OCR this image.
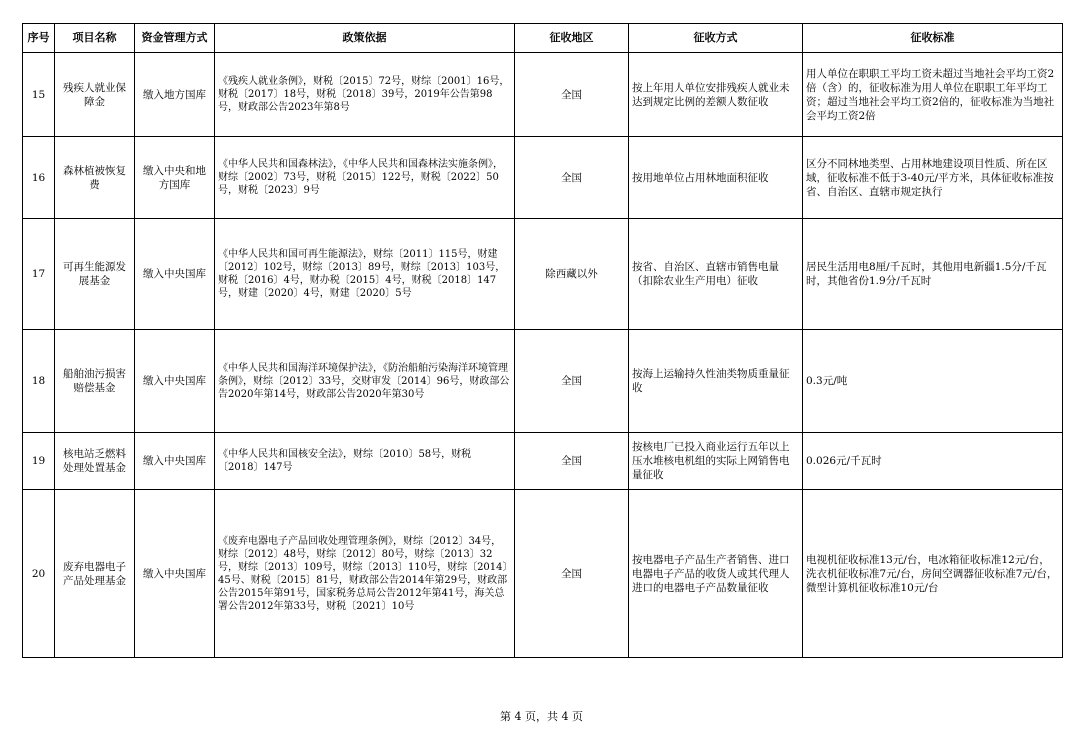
序号	项目名称	资金管理方式	政策依据	征收地区	征收方式	征收标准
15	残疾人就业保障金	缴入地方国库	《残疾人就业条例》，财税〔2015〕72号，财综〔2001〕16号，财税〔2017〕18号，财税〔2018〕39号，2019年公告第98号，财政部公告2023年第8号	全国	按上年用人单位安排残疾人就业未达到规定比例的差额人数征收	用人单位在职职工平均工资未超过当地社会平均工资2倍（含）的，征收标准为用人单位在职职工年平均工资；超过当地社会平均工资2倍的，征收标准为当地社会平均工资2倍
16	森林植被恢复费	缴入中央和地方国库	《中华人民共和国森林法》，《中华人民共和国森林法实施条例》，财综〔2002〕73号，财税〔2015〕122号，财税〔2022〕50号，财税〔2023〕9号	全国	按用地单位占用林地面积征收	区分不同林地类型、占用林地建设项目性质、所在区域，征收标准不低于3-40元/平方米，具体征收标准按省、自治区、直辖市规定执行
17	可再生能源发展基金	缴入中央国库	《中华人民共和国可再生能源法》，财综〔2011〕115号，财建〔2012〕102号，财综〔2013〕89号，财综〔2013〕103号，财税〔2016〕4号，财办税〔2015〕4号，财税〔2018〕147号，财建〔2020〕4号，财建〔2020〕5号	除西藏以外	按省、自治区、直辖市销售电量（扣除农业生产用电）征收	居民生活用电8厘/千瓦时，其他用电新疆1.5分/千瓦时，其他省份1.9分/千瓦时
18	船舶油污损害赔偿基金	缴入中央国库	《中华人民共和国海洋环境保护法》，《防治船舶污染海洋环境管理条例》，财综〔2012〕33号，交财审发〔2014〕96号，财政部公告2020年第14号，财政部公告2020年第30号	全国	按海上运输持久性油类物质重量征收	0.3元/吨
19	核电站乏燃料处理处置基金	缴入中央国库	《中华人民共和国核安全法》，财综〔2010〕58号，财税〔2018〕147号	全国	按核电厂已投入商业运行五年以上压水堆核电机组的实际上网销售电量征收	0.026元/千瓦时
20	废弃电器电子产品处理基金	缴入中央国库	《废弃电器电子产品回收处理管理条例》，财综〔2012〕34号，财综〔2012〕48号，财综〔2012〕80号，财综〔2013〕32号，财综〔2013〕109号，财综〔2013〕110号，财综〔2014〕45号、财税〔2015〕81号，财政部公告2014年第29号，财政部公告2015年第91号，国家税务总局公告2012年第41号，海关总署公告2012年第33号，财税〔2021〕10号	全国	按电器电子产品生产者销售、进口电器电子产品的收货人或其代理人进口的电器电子产品数量征收	电视机征收标准13元/台，电冰箱征收标准12元/台，洗衣机征收标准7元/台，房间空调器征收标准7元/台，微型计算机征收标准10元/台
第 4 页，共 4 页
